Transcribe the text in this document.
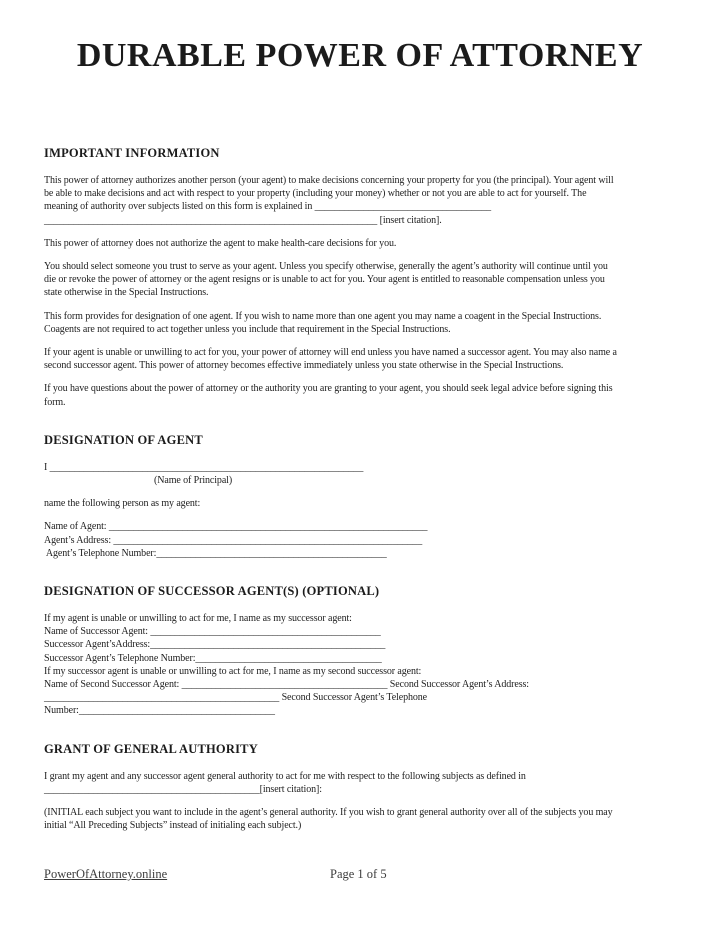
DURABLE POWER OF ATTORNEY
IMPORTANT INFORMATION
This power of attorney authorizes another person (your agent) to make decisions concerning your property for you (the principal). Your agent will
be able to make decisions and act with respect to your property (including your money) whether or not you are able to act for yourself. The
meaning of authority over subjects listed on this form is explained in ____________________________________
____________________________________________________________________ [insert citation].
This power of attorney does not authorize the agent to make health-care decisions for you.
You should select someone you trust to serve as your agent. Unless you specify otherwise, generally the agent’s authority will continue until you
die or revoke the power of attorney or the agent resigns or is unable to act for you. Your agent is entitled to reasonable compensation unless you
state otherwise in the Special Instructions.
This form provides for designation of one agent. If you wish to name more than one agent you may name a coagent in the Special Instructions.
Coagents are not required to act together unless you include that requirement in the Special Instructions.
If your agent is unable or unwilling to act for you, your power of attorney will end unless you have named a successor agent. You may also name a
second successor agent. This power of attorney becomes effective immediately unless you state otherwise in the Special Instructions.
If you have questions about the power of attorney or the authority you are granting to your agent, you should seek legal advice before signing this
form.
DESIGNATION OF AGENT
I ________________________________________________________________
(Name of Principal)
name the following person as my agent:
Name of Agent: _________________________________________________________________
Agent’s Address: _______________________________________________________________
Agent’s Telephone Number:_______________________________________________
DESIGNATION OF SUCCESSOR AGENT(S) (OPTIONAL)
If my agent is unable or unwilling to act for me, I name as my successor agent:
Name of Successor Agent: _______________________________________________
Successor Agent’sAddress:________________________________________________
Successor Agent’s Telephone Number:______________________________________
If my successor agent is unable or unwilling to act for me, I name as my second successor agent:
Name of Second Successor Agent: __________________________________________ Second Successor Agent’s Address:
________________________________________________ Second Successor Agent’s Telephone
Number:________________________________________
GRANT OF GENERAL AUTHORITY
I grant my agent and any successor agent general authority to act for me with respect to the following subjects as defined in
____________________________________________[insert citation]:
(INITIAL each subject you want to include in the agent’s general authority. If you wish to grant general authority over all of the subjects you may
initial “All Preceding Subjects” instead of initialing each subject.)
PowerOfAttorney.online	Page 1 of 5
